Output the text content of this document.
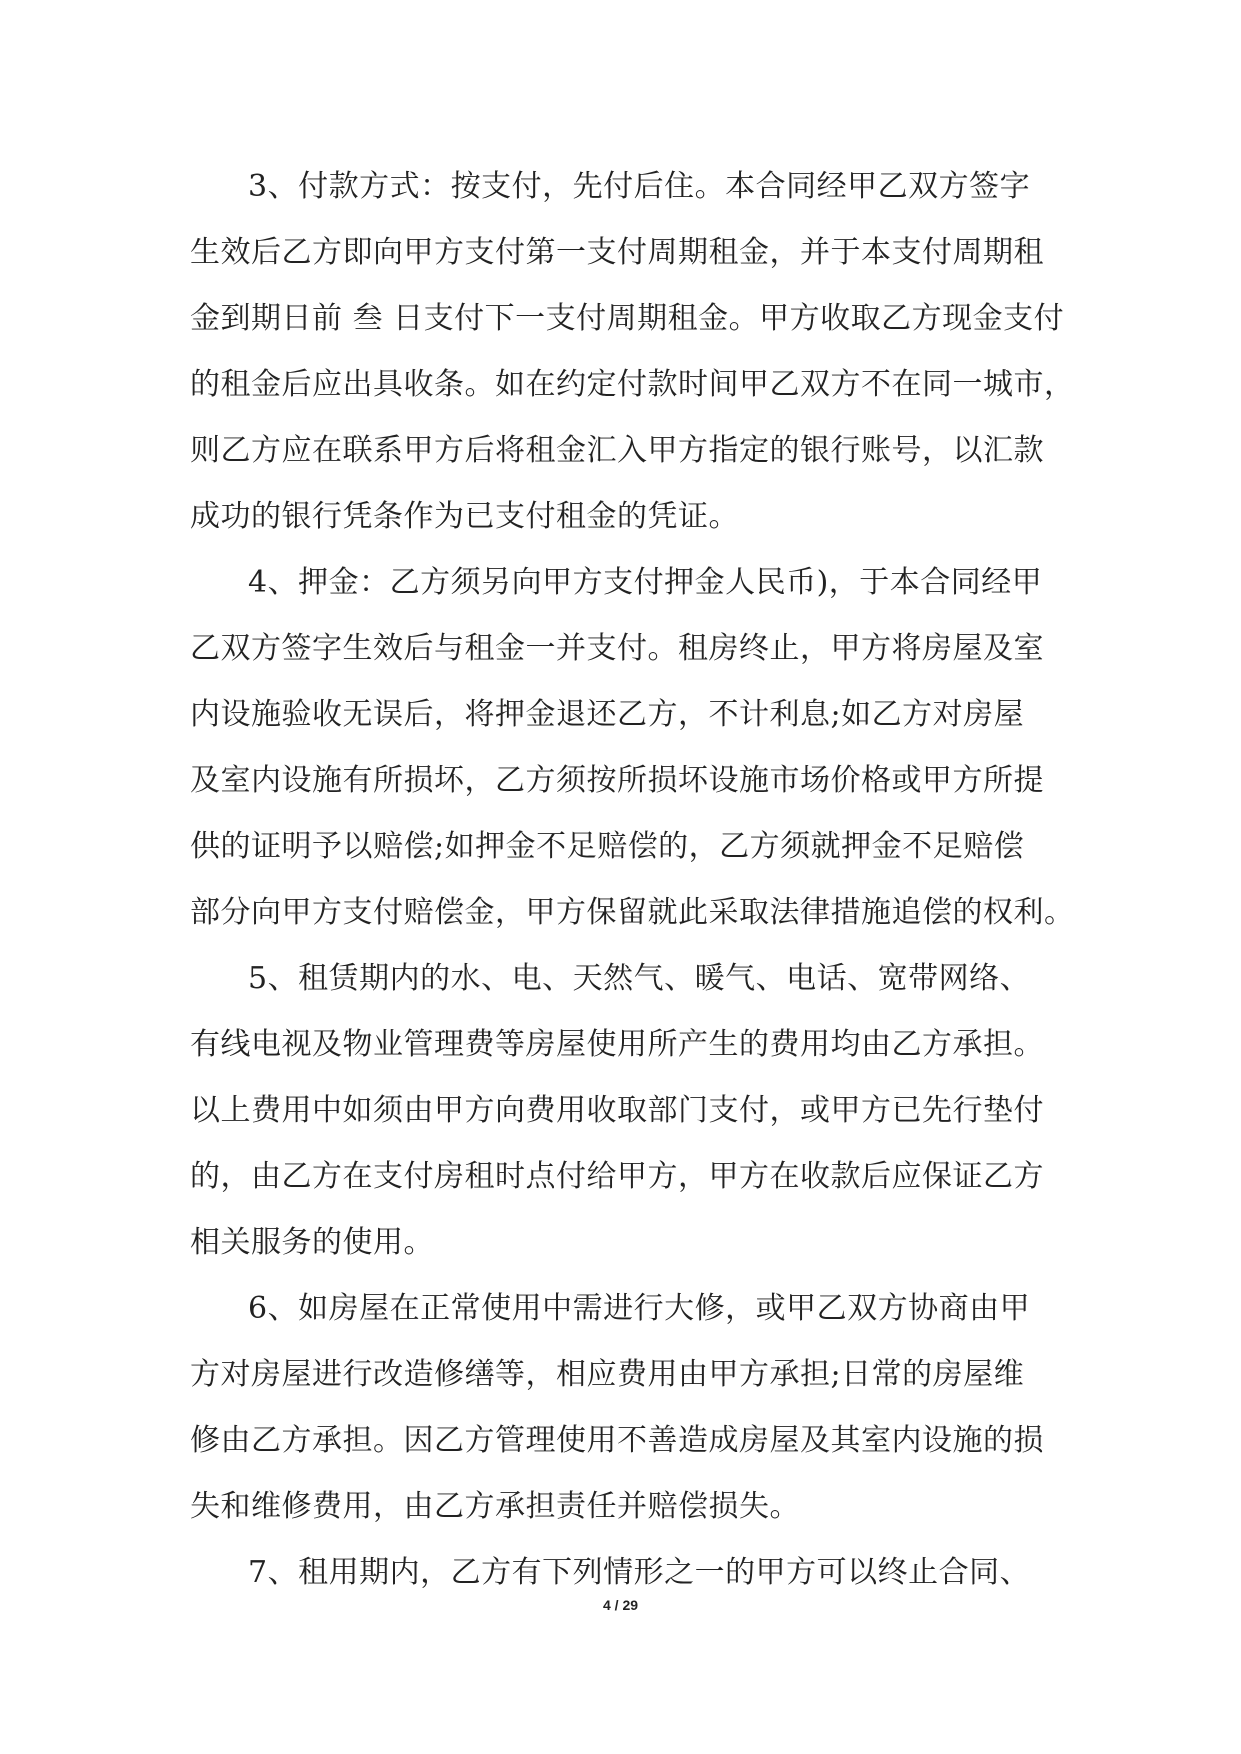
3、付款方式：按支付，先付后住。本合同经甲乙双方签字
生效后乙方即向甲方支付第一支付周期租金，并于本支付周期租
金到期日前 叁 日支付下一支付周期租金。甲方收取乙方现金支付
的租金后应出具收条。如在约定付款时间甲乙双方不在同一城市，
则乙方应在联系甲方后将租金汇入甲方指定的银行账号，以汇款
成功的银行凭条作为已支付租金的凭证。
4、押金：乙方须另向甲方支付押金人民币)，于本合同经甲
乙双方签字生效后与租金一并支付。租房终止，甲方将房屋及室
内设施验收无误后，将押金退还乙方，不计利息;如乙方对房屋
及室内设施有所损坏，乙方须按所损坏设施市场价格或甲方所提
供的证明予以赔偿;如押金不足赔偿的，乙方须就押金不足赔偿
部分向甲方支付赔偿金，甲方保留就此采取法律措施追偿的权利。
5、租赁期内的水、电、天然气、暖气、电话、宽带网络、
有线电视及物业管理费等房屋使用所产生的费用均由乙方承担。
以上费用中如须由甲方向费用收取部门支付，或甲方已先行垫付
的，由乙方在支付房租时点付给甲方，甲方在收款后应保证乙方
相关服务的使用。
6、如房屋在正常使用中需进行大修，或甲乙双方协商由甲
方对房屋进行改造修缮等，相应费用由甲方承担;日常的房屋维
修由乙方承担。因乙方管理使用不善造成房屋及其室内设施的损
失和维修费用，由乙方承担责任并赔偿损失。
7、租用期内，乙方有下列情形之一的甲方可以终止合同、
4 / 29
